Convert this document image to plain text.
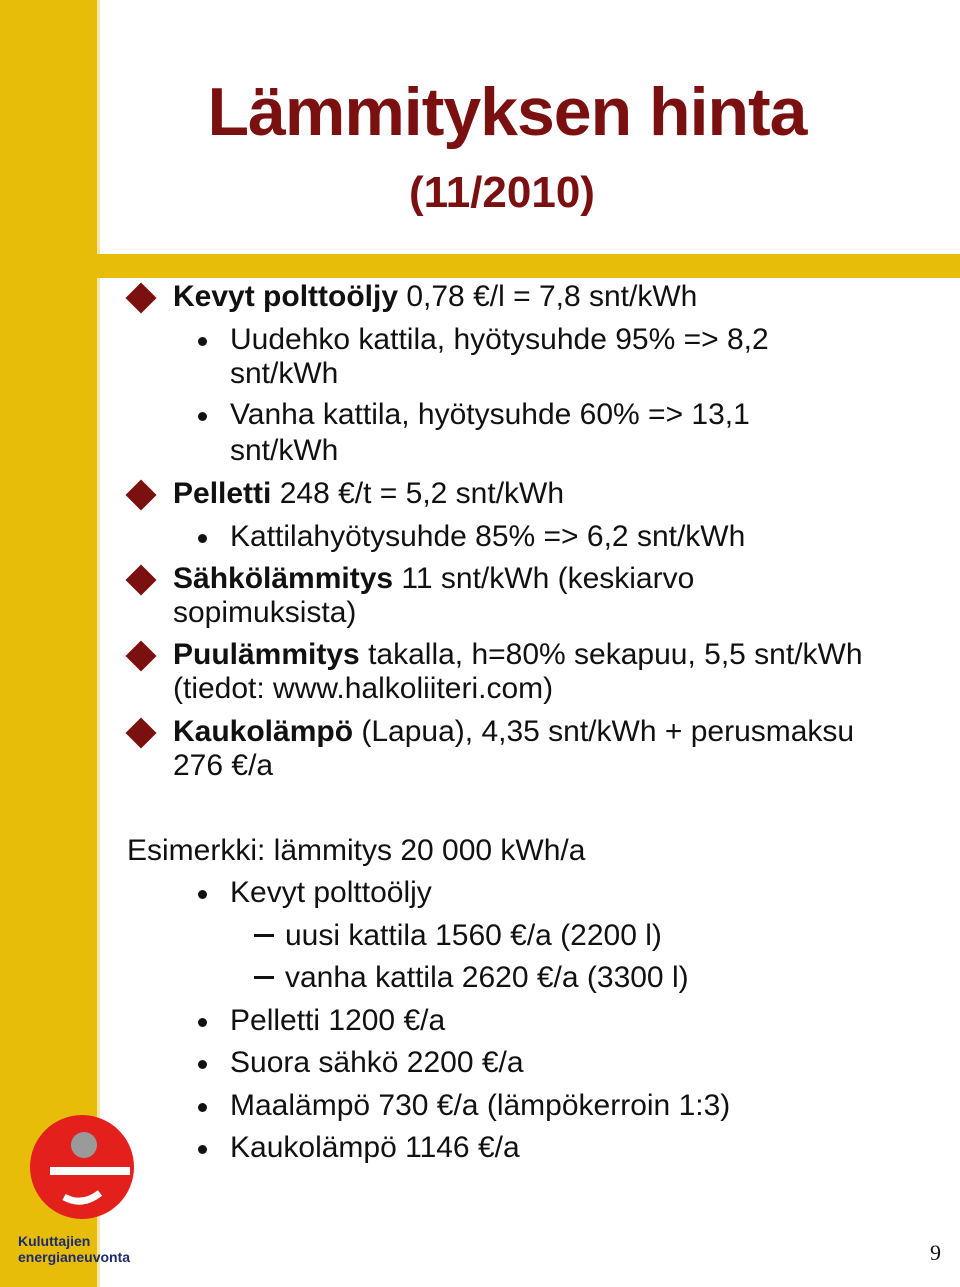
Lämmityksen hinta
(11/2010)
Kevyt polttoöljy 0,78 €/l = 7,8 snt/kWh
Uudehko kattila, hyötysuhde 95% => 8,2
snt/kWh
Vanha kattila, hyötysuhde 60% => 13,1
snt/kWh
Pelletti 248 €/t = 5,2 snt/kWh
Kattilahyötysuhde 85% => 6,2 snt/kWh
Sähkölämmitys 11 snt/kWh (keskiarvo
sopimuksista)
Puulämmitys takalla, h=80% sekapuu, 5,5 snt/kWh
(tiedot: www.halkoliiteri.com)
Kaukolämpö (Lapua), 4,35 snt/kWh + perusmaksu
276 €/a
Esimerkki: lämmitys 20 000 kWh/a
Kevyt polttoöljy
uusi kattila 1560 €/a (2200 l)
vanha kattila 2620 €/a (3300 l)
Pelletti 1200 €/a
Suora sähkö 2200 €/a
Maalämpö 730 €/a (lämpökerroin 1:3)
Kaukolämpö 1146 €/a
Kuluttajien
energianeuvonta	9
